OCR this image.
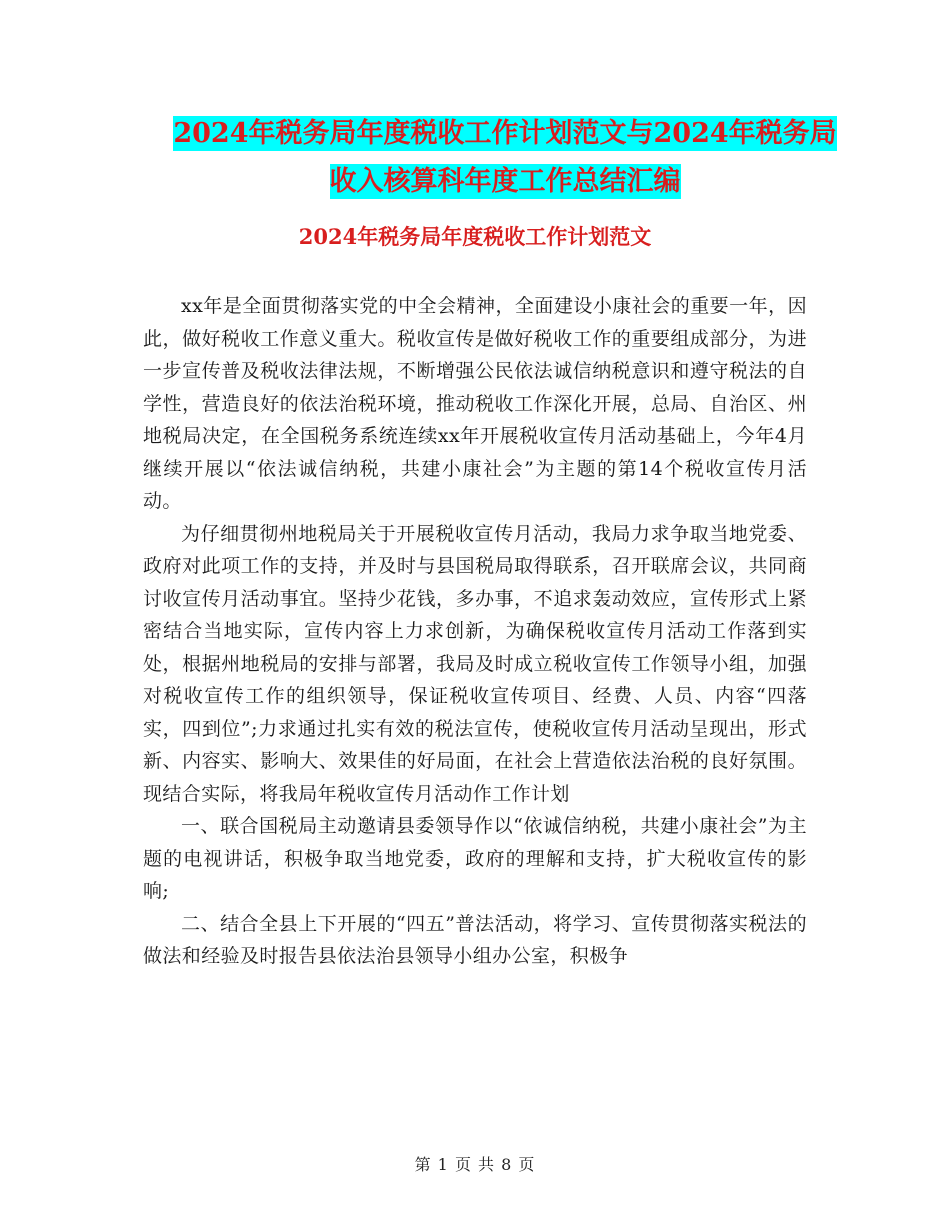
2024年税务局年度税收工作计划范文与2024年税务局
收入核算科年度工作总结汇编
2024年税务局年度税收工作计划范文

xx年是全面贯彻落实党的中全会精神，全面建设小康社会的重要一年，因此，做好税收工作意义重大。税收宣传是做好税收工作的重要组成部分，为进一步宣传普及税收法律法规，不断增强公民依法诚信纳税意识和遵守税法的自学性，营造良好的依法治税环境，推动税收工作深化开展，总局、自治区、州地税局决定，在全国税务系统连续xx年开展税收宣传月活动基础上，今年4月继续开展以“依法诚信纳税，共建小康社会”为主题的第14个税收宣传月活动。

为仔细贯彻州地税局关于开展税收宣传月活动，我局力求争取当地党委、政府对此项工作的支持，并及时与县国税局取得联系，召开联席会议，共同商讨收宣传月活动事宜。坚持少花钱，多办事，不追求轰动效应，宣传形式上紧密结合当地实际，宣传内容上力求创新，为确保税收宣传月活动工作落到实处，根据州地税局的安排与部署，我局及时成立税收宣传工作领导小组，加强对税收宣传工作的组织领导，保证税收宣传项目、经费、人员、内容“四落实，四到位”;力求通过扎实有效的税法宣传，使税收宣传月活动呈现出，形式新、内容实、影响大、效果佳的好局面，在社会上营造依法治税的良好氛围。现结合实际，将我局年税收宣传月活动作工作计划

一、联合国税局主动邀请县委领导作以“依诚信纳税，共建小康社会”为主题的电视讲话，积极争取当地党委，政府的理解和支持，扩大税收宣传的影响;

二、结合全县上下开展的“四五”普法活动，将学习、宣传贯彻落实税法的做法和经验及时报告县依法治县领导小组办公室，积极争

第 1 页 共 8 页
